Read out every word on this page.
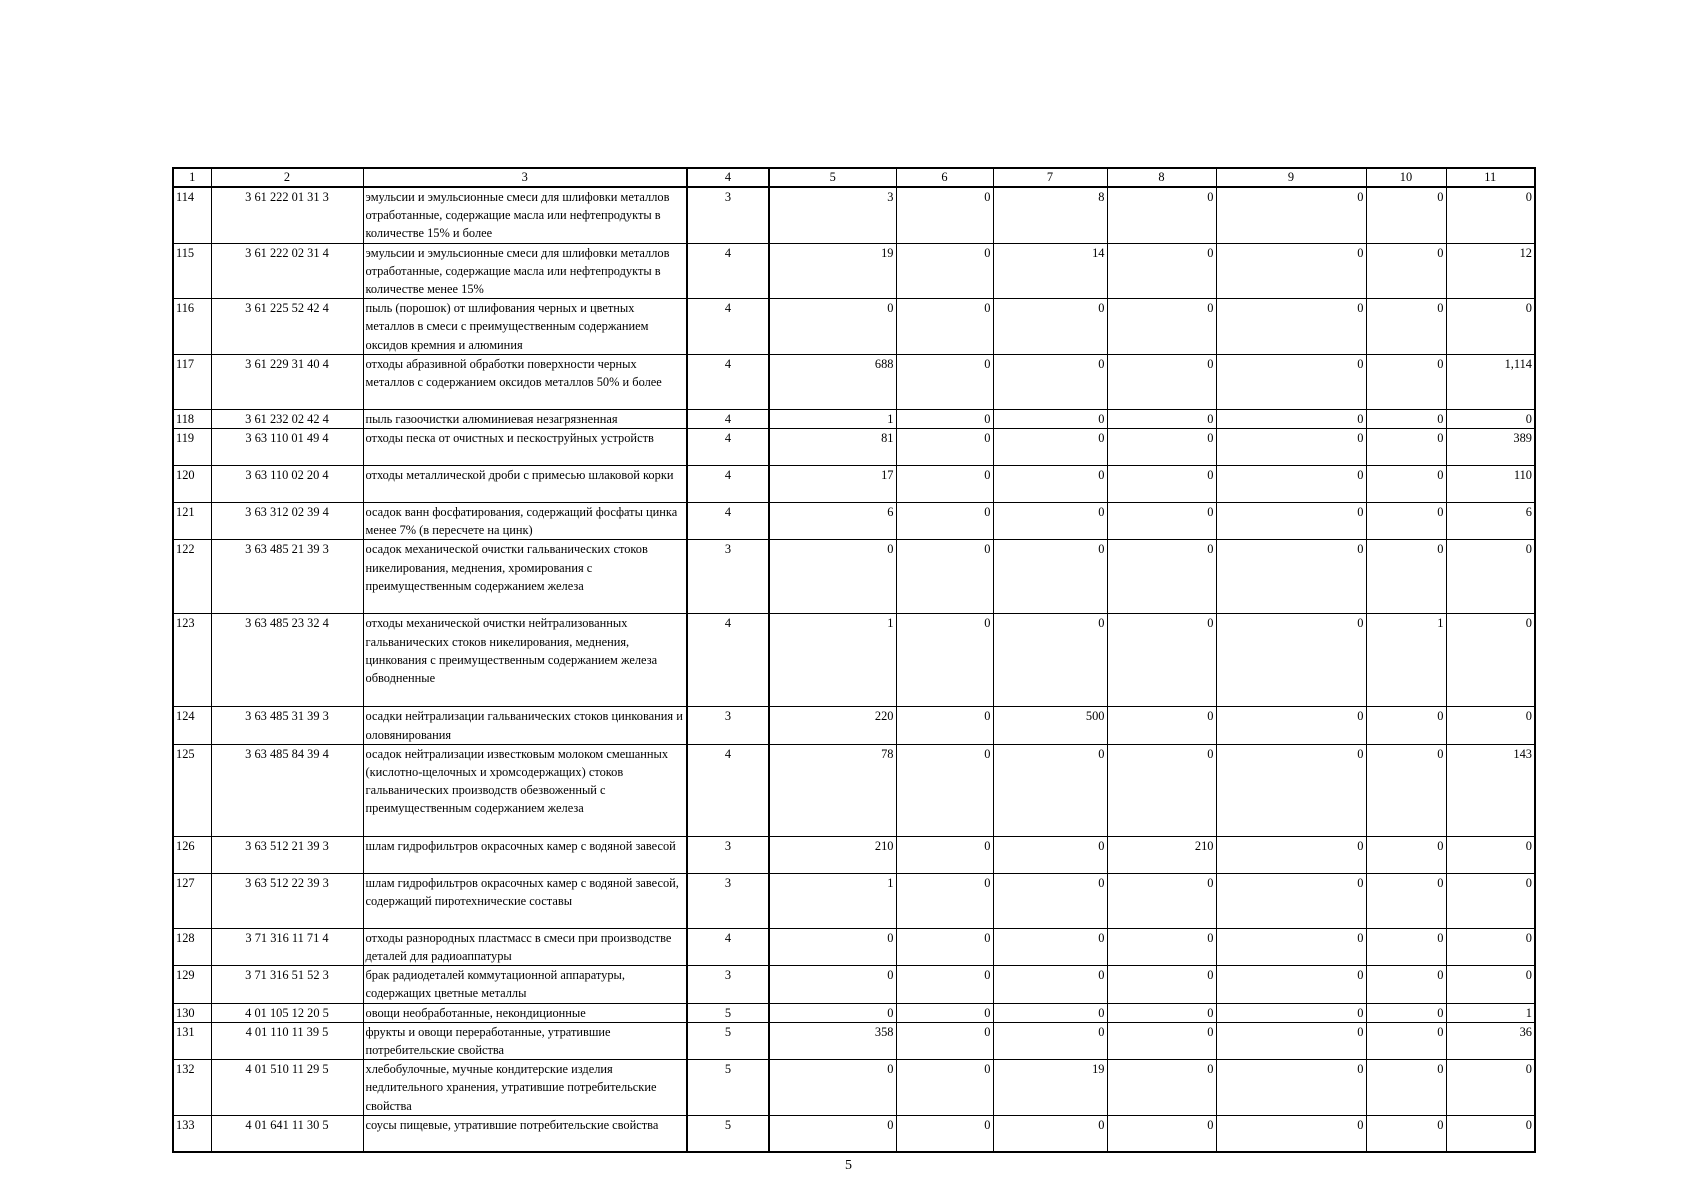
1	2	3	4	5	6	7	8	9	10	11
114	3 61 222 01 31 3	эмульсии и эмульсионные смеси для шлифовки металлов отработанные, содержащие масла или нефтепродукты в количестве 15% и более	3	3	0	8	0	0	0	0
115	3 61 222 02 31 4	эмульсии и эмульсионные смеси для шлифовки металлов отработанные, содержащие масла или нефтепродукты в количестве менее 15%	4	19	0	14	0	0	0	12
116	3 61 225 52 42 4	пыль (порошок) от шлифования черных и цветных металлов в смеси с преимущественным содержанием оксидов кремния и алюминия	4	0	0	0	0	0	0	0
117	3 61 229 31 40 4	отходы абразивной обработки поверхности черных металлов с содержанием оксидов металлов 50% и более	4	688	0	0	0	0	0	1,114
118	3 61 232 02 42 4	пыль газоочистки алюминиевая незагрязненная	4	1	0	0	0	0	0	0
119	3 63 110 01 49 4	отходы песка от очистных и пескоструйных устройств	4	81	0	0	0	0	0	389
120	3 63 110 02 20 4	отходы металлической дроби с примесью шлаковой корки	4	17	0	0	0	0	0	110
121	3 63 312 02 39 4	осадок ванн фосфатирования, содержащий фосфаты цинка менее 7% (в пересчете на цинк)	4	6	0	0	0	0	0	6
122	3 63 485 21 39 3	осадок механической очистки гальванических стоков никелирования, меднения, хромирования с преимущественным содержанием железа	3	0	0	0	0	0	0	0
123	3 63 485 23 32 4	отходы механической очистки нейтрализованных гальванических стоков никелирования, меднения, цинкования с преимущественным содержанием железа обводненные	4	1	0	0	0	0	1	0
124	3 63 485 31 39 3	осадки нейтрализации гальванических стоков цинкования и оловянирования	3	220	0	500	0	0	0	0
125	3 63 485 84 39 4	осадок нейтрализации известковым молоком смешанных (кислотно-щелочных и хромсодержащих) стоков гальванических производств обезвоженный с преимущественным содержанием железа	4	78	0	0	0	0	0	143
126	3 63 512 21 39 3	шлам гидрофильтров окрасочных камер с водяной завесой	3	210	0	0	210	0	0	0
127	3 63 512 22 39 3	шлам гидрофильтров окрасочных камер с водяной завесой, содержащий пиротехнические составы	3	1	0	0	0	0	0	0
128	3 71 316 11 71 4	отходы разнородных пластмасс в смеси при производстве деталей для радиоаппатуры	4	0	0	0	0	0	0	0
129	3 71 316 51 52 3	брак радиодеталей коммутационной аппаратуры, содержащих цветные металлы	3	0	0	0	0	0	0	0
130	4 01 105 12 20 5	овощи необработанные, некондиционные	5	0	0	0	0	0	0	1
131	4 01 110 11 39 5	фрукты и овощи переработанные, утратившие потребительские свойства	5	358	0	0	0	0	0	36
132	4 01 510 11 29 5	хлебобулочные, мучные кондитерские изделия недлительного хранения, утратившие потребительские свойства	5	0	0	19	0	0	0	0
133	4 01 641 11 30 5	соусы пищевые, утратившие потребительские свойства	5	0	0	0	0	0	0	0
5
